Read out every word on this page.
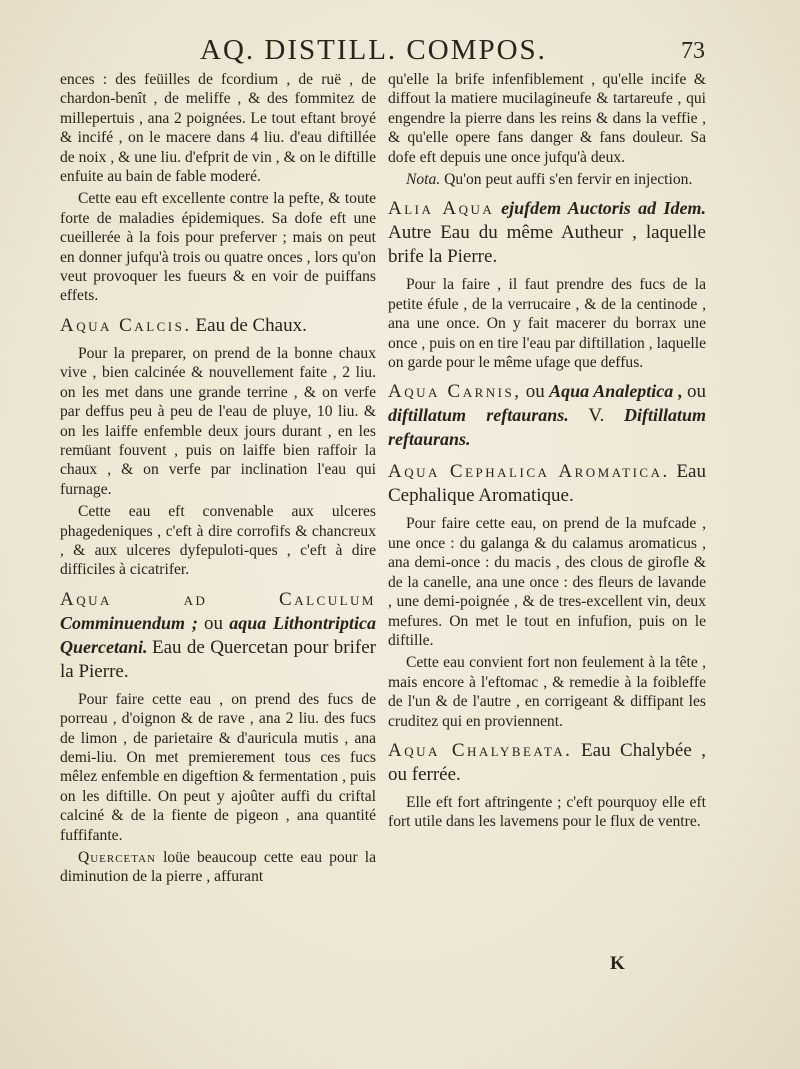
AQ. DISTILL. COMPOS.	73

ences : des feüilles de fcordium , de ruë , de chardon-benît , de meliffe , & des fommitez de millepertuis , ana 2 poignées. Le tout eftant broyé & incifé , on le macere dans 4 liu. d'eau diftillée de noix , & une liu. d'efprit de vin , & on le diftille enfuite au bain de fable moderé.

Cette eau eft excellente contre la pefte, & toute forte de maladies épidemiques. Sa dofe eft une cueillerée à la fois pour preferver ; mais on peut en donner jufqu'à trois ou quatre onces , lors qu'on veut provoquer les fueurs & en voir de puiffans effets.

Aqua Calcis. Eau de Chaux.

Pour la preparer, on prend de la bonne chaux vive , bien calcinée & nouvellement faite , 2 liu. on les met dans une grande terrine , & on verfe par deffus peu à peu de l'eau de pluye, 10 liu. & on les laiffe enfemble deux jours durant , en les remüant fouvent , puis on laiffe bien raffoir la chaux , & on verfe par inclination l'eau qui furnage.

Cette eau eft convenable aux ulceres phagedeniques , c'eft à dire corrofifs & chancreux , & aux ulceres dyfepuloti-ques , c'eft à dire difficiles à cicatrifer.

Aqua ad Calculum Comminuendum ; ou aqua Lithontriptica Quercetani. Eau de Quercetan pour brifer la Pierre.

Pour faire cette eau , on prend des fucs de porreau , d'oignon & de rave , ana 2 liu. des fucs de limon , de parietaire & d'auricula mutis , ana demi-liu. On met premierement tous ces fucs mêlez enfemble en digeftion & fermentation , puis on les diftille. On peut y ajoûter auffi du criftal calciné & de la fiente de pigeon , ana quantité fuffifante.

Quercetan loüe beaucoup cette eau pour la diminution de la pierre , affurant

qu'elle la brife infenfiblement , qu'elle incife & diffout la matiere mucilagineufe & tartareufe , qui engendre la pierre dans les reins & dans la veffie , & qu'elle opere fans danger & fans douleur. Sa dofe eft depuis une once jufqu'à deux.

Nota. Qu'on peut auffi s'en fervir en injection.

Alia Aqua ejufdem Auctoris ad Idem. Autre Eau du même Autheur , laquelle brife la Pierre.

Pour la faire , il faut prendre des fucs de la petite éfule , de la verrucaire , & de la centinode , ana une once. On y fait macerer du borrax une once , puis on en tire l'eau par diftillation , laquelle on garde pour le même ufage que deffus.

Aqua Carnis, ou Aqua Analeptica , ou diftillatum reftaurans. V. Diftillatum reftaurans.
Aqua Cephalica Aromatica. Eau Cephalique Aromatique.

Pour faire cette eau, on prend de la mufcade , une once : du galanga & du calamus aromaticus , ana demi-once : du macis , des clous de girofle & de la canelle, ana une once : des fleurs de lavande , une demi-poignée , & de tres-excellent vin, deux mefures. On met le tout en infufion, puis on le diftille.

Cette eau convient fort non feulement à la tête , mais encore à l'eftomac , & remedie à la foibleffe de l'un & de l'autre , en corrigeant & diffipant les cruditez qui en proviennent.

Aqua Chalybeata. Eau Chalybée , ou ferrée.

Elle eft fort aftringente ; c'eft pourquoy elle eft fort utile dans les lavemens pour le flux de ventre.

K
